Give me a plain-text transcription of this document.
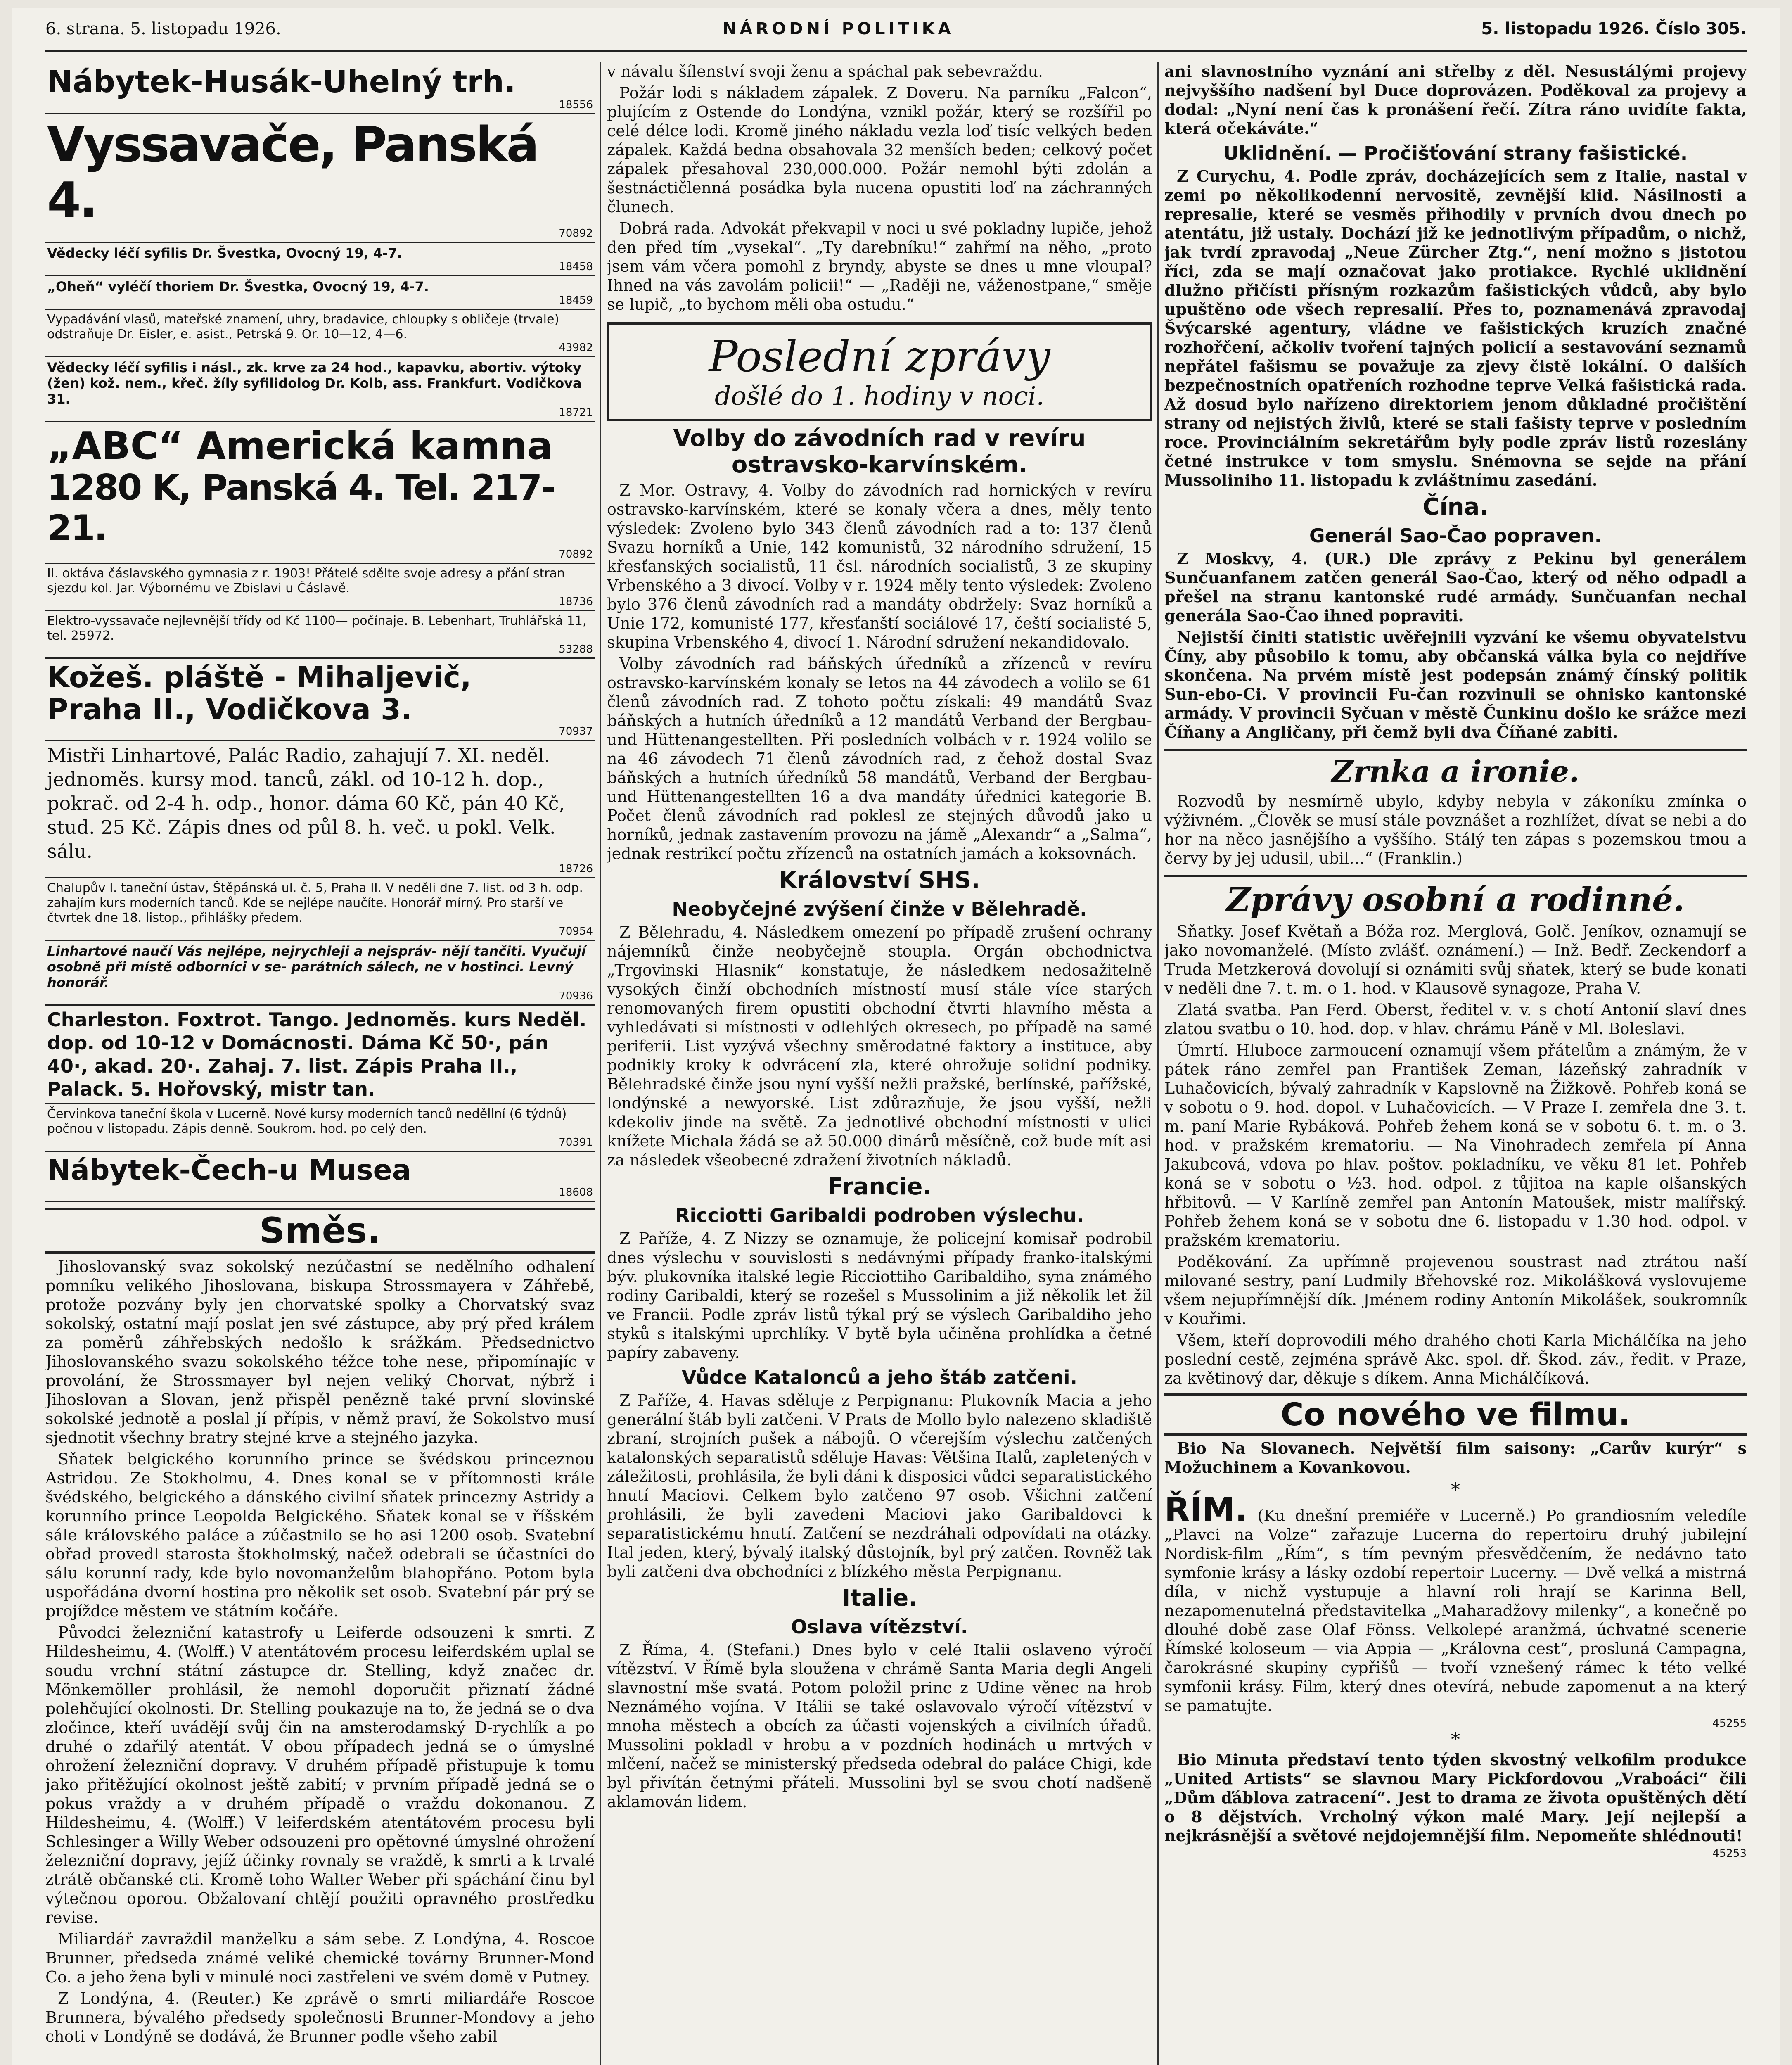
6. strana. 5. listopadu 1926.	NÁRODNÍ POLITIKA	5. listopadu 1926. Číslo 305.
Nábytek-Husák-Uhelný trh.
18556
Vyssavače, Panská 4.
70892
Vědecky léčí syfilis Dr. Švestka, Ovocný 19, 4-7.
18458
„Oheň“ vyléčí thoriem Dr. Švestka, Ovocný 19, 4-7.
18459
Vypadávání vlasů, mateřské znamení, uhry, bradavice, chloupky s obličeje (trvale) odstraňuje Dr. Eisler, e. asist., Petrská 9. Or. 10—12, 4—6.
43982
Vědecky léčí syfilis i násl., zk. krve za 24 hod., kapavku, abortiv. výtoky (žen) kož. nem., křeč. žíly syfilidolog Dr. Kolb, ass. Frankfurt. Vodičkova 31.
18721
„ABC“ Americká kamna
1280 K, Panská 4. Tel. 217-21.
70892
II. oktáva čáslavského gymnasia z r. 1903! Přátelé sdělte svoje adresy a přání stran sjezdu kol. Jar. Výbornému ve Zbislavi u Čáslavě.
18736
Elektro-vyssavače nejlevnější třídy od Kč 1100— počínaje. B. Lebenhart, Truhlářská 11, tel. 25972.
53288
Kožeš. pláště - Mihaljevič,
Praha II., Vodičkova 3.
70937
Mistři Linhartové, Palác Radio, zahajují 7. XI. neděl. jednoměs. kursy mod. tanců, zákl. od 10-12 h. dop., pokrač. od 2-4 h. odp., honor. dáma 60 Kč, pán 40 Kč, stud. 25 Kč. Zápis dnes od půl 8. h. več. u pokl. Velk. sálu.
18726
Chalupův I. taneční ústav, Štěpánská ul. č. 5, Praha II. V neděli dne 7. list. od 3 h. odp. zahajím kurs moderních tanců. Kde se nejlépe naučíte. Honorář mírný. Pro starší ve čtvrtek dne 18. listop., přihlášky předem.
70954
Linhartové naučí Vás nejlépe, nejrychleji a nejspráv- nějí tančiti. Vyučují osobně při místě odborníci v se- parátních sálech, ne v hostinci. Levný honorář.
70936
Charleston. Foxtrot. Tango. Jednoměs. kurs Neděl. dop. od 10-12 v Domácnosti. Dáma Kč 50·, pán 40·, akad. 20·. Zahaj. 7. list. Zápis Praha II., Palack. 5. Hořovský, mistr tan.
Červinkova taneční škola v Lucerně. Nové kursy moderních tanců neděllní (6 týdnů) počnou v listopadu. Zápis denně. Soukrom. hod. po celý den.
70391
Nábytek-Čech-u Musea
18608
Směs.

Jihoslovanský svaz sokolský nezúčastní se nedělního odhalení pomníku velikého Jihoslovana, biskupa Strossmayera v Záhřebě, protože pozvány byly jen chorvatské spolky a Chorvatský svaz sokolský, ostatní mají poslat jen své zástupce, aby prý před králem za poměrů záhřebských nedošlo k srážkám. Předsednictvo Jihoslovanského svazu sokolského téžce tohe nese, připomínajíc v provolání, že Strossmayer byl nejen veliký Chorvat, nýbrž i Jihoslovan a Slovan, jenž přispěl penězně také první slovinské sokolské jednotě a poslal jí přípis, v němž praví, že Sokolstvo musí sjednotit všechny bratry stejné krve a stejného jazyka.

Sňatek belgického korunního prince se švédskou princeznou Astridou. Ze Stokholmu, 4. Dnes konal se v přítomnosti krále švédského, belgického a dánského civilní sňatek princezny Astridy a korunního prince Leopolda Belgického. Sňatek konal se v říšském sále královského paláce a zúčastnilo se ho asi 1200 osob. Svatební obřad provedl starosta štokholmský, načež odebrali se účastníci do sálu korunní rady, kde bylo novomanželům blahopřáno. Potom byla uspořádána dvorní hostina pro několik set osob. Svatební pár prý se projíždce městem ve státním kočáře.

Původci železniční katastrofy u Leiferde odsouzeni k smrti. Z Hildesheimu, 4. (Wolff.) V atentátovém procesu leiferdském uplal se soudu vrchní státní zástupce dr. Stelling, když značec dr. Mönkemöller prohlásil, že nemohl doporučit přiznatí žádné polehčující okolnosti. Dr. Stelling poukazuje na to, že jedná se o dva zločince, kteří uvádějí svůj čin na amsterodamský D-rychlík a po druhé o zdařilý atentát. V obou případech jedná se o úmyslné ohrožení železniční dopravy. V druhém případě přistupuje k tomu jako přitěžující okolnost ještě zabití; v prvním případě jedná se o pokus vraždy a v druhém případě o vraždu dokonanou. Z Hildesheimu, 4. (Wolff.) V leiferdském atentátovém procesu byli Schlesinger a Willy Weber odsouzeni pro opětovné úmyslné ohrožení železniční dopravy, jejíž účinky rovnaly se vraždě, k smrti a k trvalé ztrátě občanské cti. Kromě toho Walter Weber při spáchání činu byl výtečnou oporou. Obžalovaní chtějí použiti opravného prostředku revise.

Miliardář zavraždil manželku a sám sebe. Z Londýna, 4. Roscoe Brunner, předseda známé veliké chemické továrny Brunner-Mond Co. a jeho žena byli v minulé noci zastřeleni ve svém domě v Putney.

Z Londýna, 4. (Reuter.) Ke zprávě o smrti miliardáře Roscoe Brunnera, bývalého předsedy společnosti Brunner-Mondovy a jeho choti v Londýně se dodává, že Brunner podle všeho zabil

v návalu šílenství svoji ženu a spáchal pak sebevraždu.

Požár lodi s nákladem zápalek. Z Doveru. Na parníku „Falcon“, plujícím z Ostende do Londýna, vznikl požár, který se rozšířil po celé délce lodi. Kromě jiného nákladu vezla loď tisíc velkých beden zápalek. Každá bedna obsahovala 32 menších beden; celkový počet zápalek přesahoval 230,000.000. Požár nemohl býti zdolán a šestnáctičlenná posádka byla nucena opustiti loď na záchranných člunech.

Dobrá rada. Advokát překvapil v noci u své pokladny lupiče, jehož den před tím „vysekal“. „Ty darebníku!“ zahřmí na něho, „proto jsem vám včera pomohl z bryndy, abyste se dnes u mne vloupal? Ihned na vás zavolám policii!“ — „Raději ne, váženostpane,“ směje se lupič, „to bychom měli oba ostudu.“

Poslední zprávy
došlé do 1. hodiny v noci.
Volby do závodních rad v revíru ostravsko-karvínském.

Z Mor. Ostravy, 4. Volby do závodních rad hornických v revíru ostravsko-karvínském, které se konaly včera a dnes, měly tento výsledek: Zvoleno bylo 343 členů závodních rad a to: 137 členů Svazu horníků a Unie, 142 komunistů, 32 národního sdružení, 15 křesťanských socialistů, 11 čsl. národních socialistů, 3 ze skupiny Vrbenského a 3 divocí. Volby v r. 1924 měly tento výsledek: Zvoleno bylo 376 členů závodních rad a mandáty obdržely: Svaz horníků a Unie 172, komunisté 177, křesťanští sociálové 17, čeští socialisté 5, skupina Vrbenského 4, divocí 1. Národní sdružení nekandidovalo.

Volby závodních rad báňských úředníků a zřízenců v revíru ostravsko-karvínském konaly se letos na 44 závodech a volilo se 61 členů závodních rad. Z tohoto počtu získali: 49 mandátů Svaz báňských a hutních úředníků a 12 mandátů Verband der Bergbau- und Hüttenangestellten. Při posledních volbách v r. 1924 volilo se na 46 závodech 71 členů závodních rad, z čehož dostal Svaz báňských a hutních úředníků 58 mandátů, Verband der Bergbau- und Hüttenangestellten 16 a dva mandáty úřednici kategorie B. Počet členů závodních rad poklesl ze stejných důvodů jako u horníků, jednak zastavením provozu na jámě „Alexandr“ a „Salma“, jednak restrikcí počtu zřízenců na ostatních jamách a koksovnách.

Království SHS.
Neobyčejné zvýšení činže v Bělehradě.

Z Bělehradu, 4. Následkem omezení po případě zrušení ochrany nájemníků činže neobyčejně stoupla. Orgán obchodnictva „Trgovinski Hlasnik“ konstatuje, že následkem nedosažitelně vysokých činží obchodních místností musí stále více starých renomovaných firem opustiti obchodní čtvrti hlavního města a vyhledávati si místnosti v odlehlých okresech, po případě na samé periferii. List vyzývá všechny směrodatné faktory a instituce, aby podnikly kroky k odvrácení zla, které ohrožuje solidní podniky. Bělehradské činže jsou nyní vyšší nežli pražské, berlínské, pařížské, londýnské a newyorské. List zdůrazňuje, že jsou vyšší, nežli kdekoliv jinde na světě. Za jednotlivé obchodní místnosti v ulici knížete Michala žádá se až 50.000 dinárů měsíčně, což bude mít asi za následek všeobecné zdražení životních nákladů.

Francie.
Ricciotti Garibaldi podroben výslechu.

Z Paříže, 4. Z Nizzy se oznamuje, že policejní komisař podrobil dnes výslechu v souvislosti s nedávnými případy franko-italskými býv. plukovníka italské legie Ricciottiho Garibaldiho, syna známého rodiny Garibaldi, který se rozešel s Mussolinim a již několik let žil ve Francii. Podle zpráv listů týkal prý se výslech Garibaldiho jeho styků s italskými uprchlíky. V bytě byla učiněna prohlídka a četné papíry zabaveny.

Vůdce Katalonců a jeho štáb zatčeni.

Z Paříže, 4. Havas sděluje z Perpignanu: Plukovník Macia a jeho generální štáb byli zatčeni. V Prats de Mollo bylo nalezeno skladiště zbraní, strojních pušek a nábojů. O včerejším výslechu zatčených katalonských separatistů sděluje Havas: Většina Italů, zapletených v záležitosti, prohlásila, že byli dáni k disposici vůdci separatistického hnutí Maciovi. Celkem bylo zatčeno 97 osob. Všichni zatčení prohlásili, že byli zavedeni Maciovi jako Garibaldovci k separatistickému hnutí. Zatčení se nezdráhali odpovídati na otázky. Ital jeden, který, bývalý italský důstojník, byl prý zatčen. Rovněž tak byli zatčeni dva obchodníci z blízkého města Perpignanu.

Italie.
Oslava vítězství.

Z Říma, 4. (Stefani.) Dnes bylo v celé Italii oslaveno výročí vítězství. V Římě byla sloužena v chrámě Santa Maria degli Angeli slavnostní mše svatá. Potom položil princ z Udine věnec na hrob Neznámého vojína. V Itálii se také oslavovalo výročí vítězství v mnoha městech a obcích za účasti vojenských a civilních úřadů. Mussolini pokladl v hrobu a v pozdních hodinách u mrtvých v mlčení, načež se ministerský předseda odebral do paláce Chigi, kde byl přivítán četnými přáteli. Mussolini byl se svou chotí nadšeně aklamován lidem.

ani slavnostního vyznání ani střelby z děl. Nesustálými projevy nejvyššího nadšení byl Duce doprovázen. Poděkoval za projevy a dodal: „Nyní není čas k pronášení řečí. Zítra ráno uvidíte fakta, která očekáváte.“

Uklidnění. — Pročišťování strany fašistické.

Z Curychu, 4. Podle zpráv, docházejících sem z Italie, nastal v zemi po několikodenní nervositě, zevnější klid. Násilnosti a represalie, které se vesměs přihodily v prvních dvou dnech po atentátu, již ustaly. Dochází již ke jednotlivým případům, o nichž, jak tvrdí zpravodaj „Neue Zürcher Ztg.“, není možno s jistotou říci, zda se mají označovat jako protiakce. Rychlé uklidnění dlužno přičísti přísným rozkazům fašistických vůdců, aby bylo upuštěno ode všech represalií. Přes to, poznamenává zpravodaj Švýcarské agentury, vládne ve fašistických kruzích značné rozhořčení, ačkoliv tvoření tajných policií a sestavování seznamů nepřátel fašismu se považuje za zjevy čistě lokální. O dalších bezpečnostních opatřeních rozhodne teprve Velká fašistická rada. Až dosud bylo nařízeno direktoriem jenom důkladné pročištění strany od nejistých živlů, které se stali fašisty teprve v posledním roce. Provinciálním sekretářům byly podle zpráv listů rozeslány četné instrukce v tom smyslu. Snémovna se sejde na přání Mussoliniho 11. listopadu k zvláštnímu zasedání.

Čína.
Generál Sao-Čao popraven.

Z Moskvy, 4. (UR.) Dle zprávy z Pekinu byl generálem Sunčuanfanem zatčen generál Sao-Čao, který od něho odpadl a přešel na stranu kantonské rudé armády. Sunčuanfan nechal generála Sao-Čao ihned popraviti.

Nejistší činiti statistic uvěřejnili vyzvání ke všemu obyvatelstvu Číny, aby působilo k tomu, aby občanská válka byla co nejdříve skončena. Na prvém místě jest podepsán známý čínský politik Sun-ebo-Ci. V provincii Fu-čan rozvinuli se ohnisko kantonské armády. V provincii Syčuan v městě Čunkinu došlo ke srážce mezi Číňany a Angličany, při čemž byli dva Číňané zabiti.

Zrnka a ironie.

Rozvodů by nesmírně ubylo, kdyby nebyla v zákoníku zmínka o výživném. „Člověk se musí stále povznášet a rozhlížet, dívat se nebi a do hor na něco jasnějšího a vyššího. Stálý ten zápas s pozemskou tmou a červy by jej udusil, ubil…“ (Franklin.)

Zprávy osobní a rodinné.

Sňatky. Josef Květaň a Bóža roz. Merglová, Golč. Jeníkov, oznamují se jako novomanželé. (Místo zvlášť. oznámení.) — Inž. Bedř. Zeckendorf a Truda Metzkerová dovolují si oznámiti svůj sňatek, který se bude konati v neděli dne 7. t. m. o 1. hod. v Klausově synagoze, Praha V.

Zlatá svatba. Pan Ferd. Oberst, ředitel v. v. s chotí Antonií slaví dnes zlatou svatbu o 10. hod. dop. v hlav. chrámu Páně v Ml. Boleslavi.

Úmrtí. Hluboce zarmoucení oznamují všem přátelům a známým, že v pátek ráno zemřel pan František Zeman, lázeňský zahradník v Luhačovicích, bývalý zahradník v Kapslovně na Žižkově. Pohřeb koná se v sobotu o 9. hod. dopol. v Luhačovicích. — V Praze I. zemřela dne 3. t. m. paní Marie Rybáková. Pohřeb žehem koná se v sobotu 6. t. m. o 3. hod. v pražském krematoriu. — Na Vinohradech zemřela pí Anna Jakubcová, vdova po hlav. poštov. pokladníku, ve věku 81 let. Pohřeb koná se v sobotu o ½3. hod. odpol. z tůjitoa na kaple olšanských hřbitovů. — V Karlíně zemřel pan Antonín Matoušek, mistr malířský. Pohřeb žehem koná se v sobotu dne 6. listopadu v 1.30 hod. odpol. v pražském krematoriu.

Poděkování. Za upřímně projevenou soustrast nad ztrátou naší milované sestry, paní Ludmily Břehovské roz. Mikolášková vyslovujeme všem nejupřímnější dík. Jménem rodiny Antonín Mikolášek, soukromník v Kouřimi.

Všem, kteří doprovodili mého drahého choti Karla Michálčíka na jeho poslední cestě, zejména správě Akc. spol. dř. Škod. záv., ředit. v Praze, za květinový dar, děkuje s díkem. Anna Michálčíková.

Co nového ve filmu.

Bio Na Slovanech. Největší film saisony: „Carův kurýr“ s Možuchinem a Kovankovou.

*

ŘÍM. (Ku dnešní premiéře v Lucerně.) Po grandiosním veledíle „Plavci na Volze“ zařazuje Lucerna do repertoiru druhý jubilejní Nordisk-film „Řím“, s tím pevným přesvědčením, že nedávno tato symfonie krásy a lásky ozdobí repertoir Lucerny. — Dvě velká a mistrná díla, v nichž vystupuje a hlavní roli hrají se Karinna Bell, nezapomenutelná představitelka „Maharadžovy milenky“, a konečně po dlouhé době zase Olaf Fönss. Velkolepé aranžmá, úchvatné scenerie Římské koloseum — via Appia — „Královna cest“, prosluná Campagna, čarokrásné skupiny cypřišů — tvoří vznešený rámec k této velké symfonii krásy. Film, který dnes otevírá, nebude zapomenut a na který se pamatujte.

45255
*

Bio Minuta představí tento týden skvostný velkofilm produkce „United Artists“ se slavnou Mary Pickfordovou „Vraboáci“ čili „Dům ďáblova zatracení“. Jest to drama ze života opuštěných dětí o 8 dějstvích. Vrcholný výkon malé Mary. Její nejlepší a nejkrásnější a světové nejdojemnější film. Nepomeňte shlédnouti!

45253
